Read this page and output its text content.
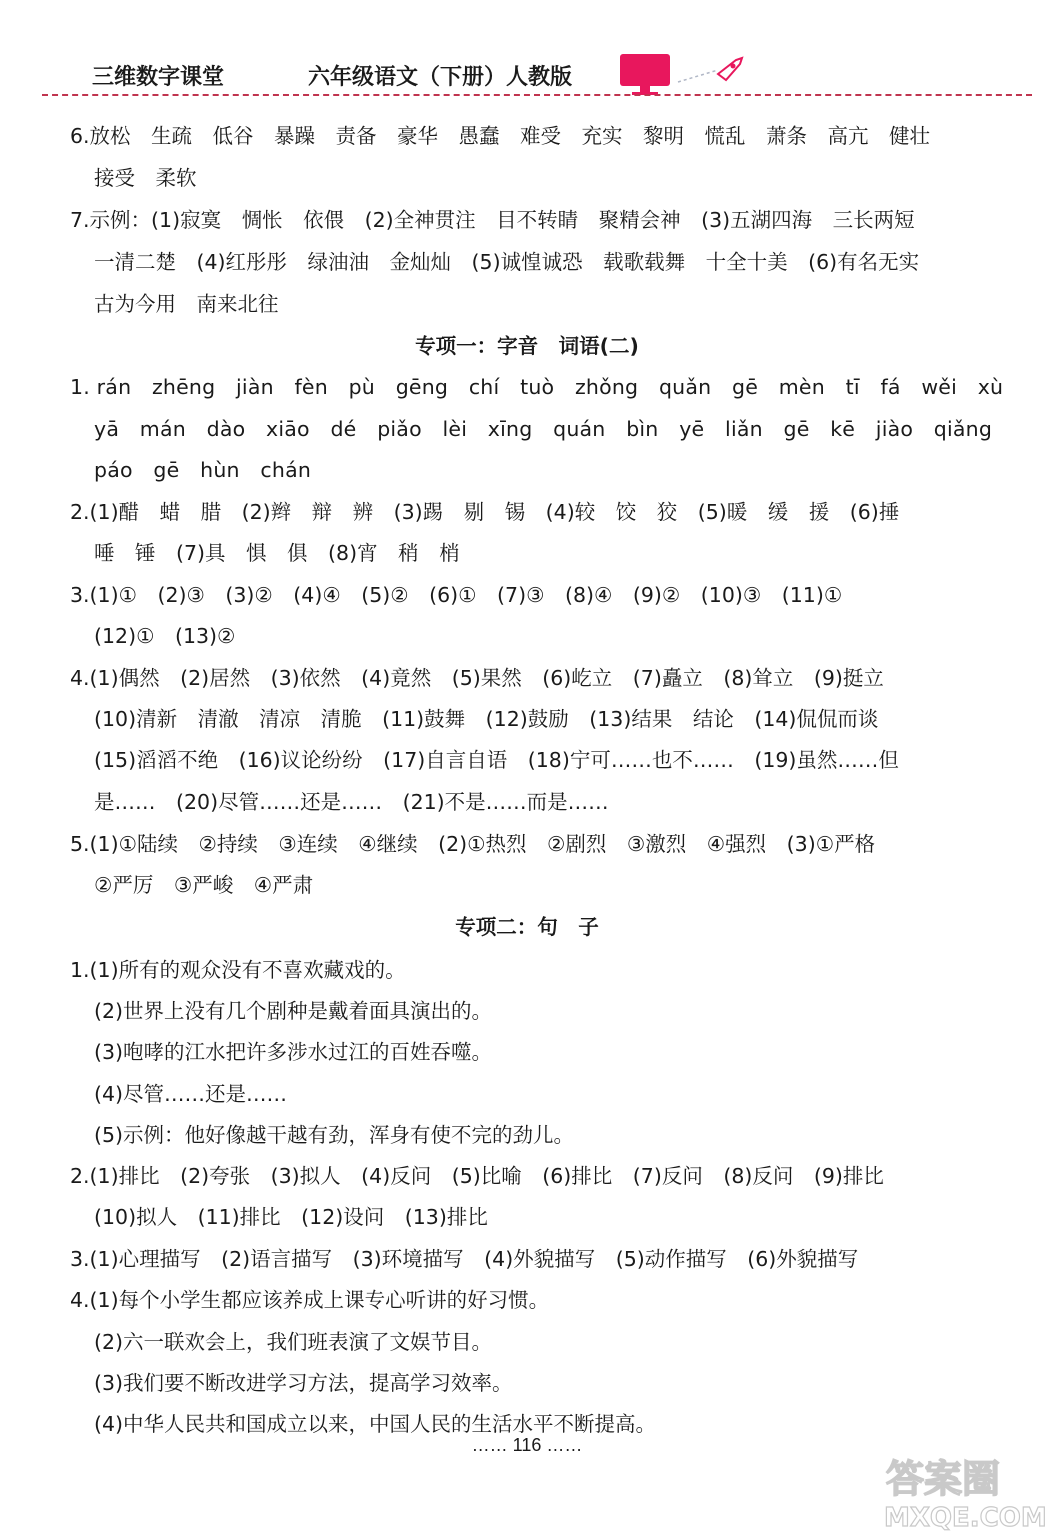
三维数字课堂	六年级语文（下册）人教版
6.放松　生疏　低谷　暴躁　责备　豪华　愚蠢　难受　充实　黎明　慌乱　萧条　高亢　健壮
接受　柔软
7.示例：(1)寂寞　惆怅　依偎　(2)全神贯注　目不转睛　聚精会神　(3)五湖四海　三长两短
一清二楚　(4)红彤彤　绿油油　金灿灿　(5)诚惶诚恐　载歌载舞　十全十美　(6)有名无实
古为今用　南来北往
专项一：字音　词语(二)
1. rán　zhēng　jiàn　fèn　pù　gēng　chí　tuò　zhǒng　quǎn　gē　mèn　tī　fá　wěi　xù
yā　mán　dào　xiāo　dé　piǎo　lèi　xīng　quán　bìn　yē　liǎn　gē　kē　jiào　qiǎng
páo　gē　hùn　chán
2.(1)醋　蜡　腊　(2)辫　辩　辨　(3)踢　剔　锡　(4)较　饺　狡　(5)暖　缓　援　(6)捶
唾　锤　(7)具　惧　俱　(8)宵　稍　梢
3.(1)①　(2)③　(3)②　(4)④　(5)②　(6)①　(7)③　(8)④　(9)②　(10)③　(11)①
(12)①　(13)②
4.(1)偶然　(2)居然　(3)依然　(4)竟然　(5)果然　(6)屹立　(7)矗立　(8)耸立　(9)挺立
(10)清新　清澈　清凉　清脆　(11)鼓舞　(12)鼓励　(13)结果　结论　(14)侃侃而谈
(15)滔滔不绝　(16)议论纷纷　(17)自言自语　(18)宁可……也不……　(19)虽然……但
是……　(20)尽管……还是……　(21)不是……而是……
5.(1)①陆续　②持续　③连续　④继续　(2)①热烈　②剧烈　③激烈　④强烈　(3)①严格
②严厉　③严峻　④严肃
专项二：句　子
1.(1)所有的观众没有不喜欢藏戏的。
(2)世界上没有几个剧种是戴着面具演出的。
(3)咆哮的江水把许多涉水过江的百姓吞噬。
(4)尽管……还是……
(5)示例：他好像越干越有劲，浑身有使不完的劲儿。
2.(1)排比　(2)夸张　(3)拟人　(4)反问　(5)比喻　(6)排比　(7)反问　(8)反问　(9)排比
(10)拟人　(11)排比　(12)设问　(13)排比
3.(1)心理描写　(2)语言描写　(3)环境描写　(4)外貌描写　(5)动作描写　(6)外貌描写
4.(1)每个小学生都应该养成上课专心听讲的好习惯。
(2)六一联欢会上，我们班表演了文娱节目。
(3)我们要不断改进学习方法，提高学习效率。
(4)中华人民共和国成立以来，中国人民的生活水平不断提高。
…… 116 ……
答案圈
MXQE.COM
